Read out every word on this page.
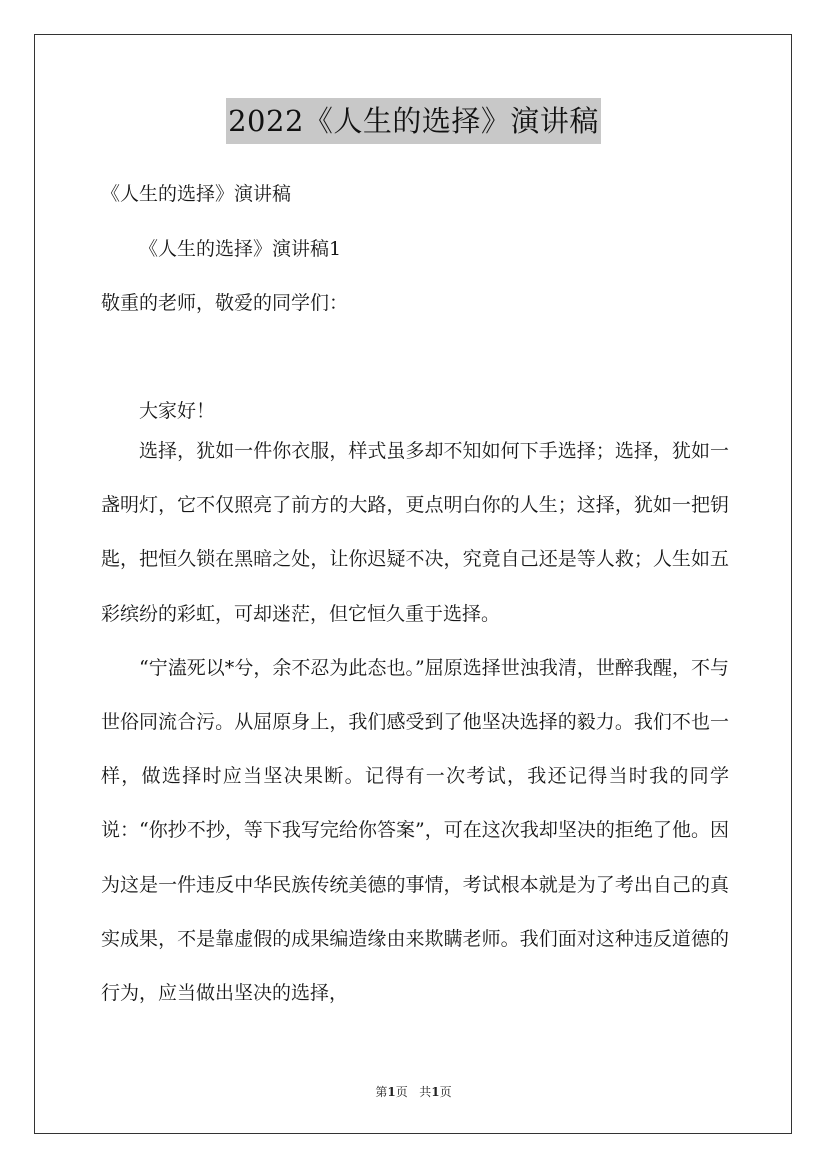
2022《人生的选择》演讲稿
《人生的选择》演讲稿
《人生的选择》演讲稿1
敬重的老师，敬爱的同学们：
大家好！

选择，犹如一件你衣服，样式虽多却不知如何下手选择；选择，犹如一盏明灯，它不仅照亮了前方的大路，更点明白你的人生；这择，犹如一把钥匙，把恒久锁在黑暗之处，让你迟疑不决，究竟自己还是等人救；人生如五彩缤纷的彩虹，可却迷茫，但它恒久重于选择。

“宁溘死以*兮，余不忍为此态也。”屈原选择世浊我清，世醉我醒，不与世俗同流合污。从屈原身上，我们感受到了他坚决选择的毅力。我们不也一样，做选择时应当坚决果断。记得有一次考试，我还记得当时我的同学说：“你抄不抄，等下我写完给你答案”，可在这次我却坚决的拒绝了他。因为这是一件违反中华民族传统美德的事情，考试根本就是为了考出自己的真实成果，不是靠虚假的成果编造缘由来欺瞒老师。我们面对这种违反道德的行为，应当做出坚决的选择，

第1页 共1页
